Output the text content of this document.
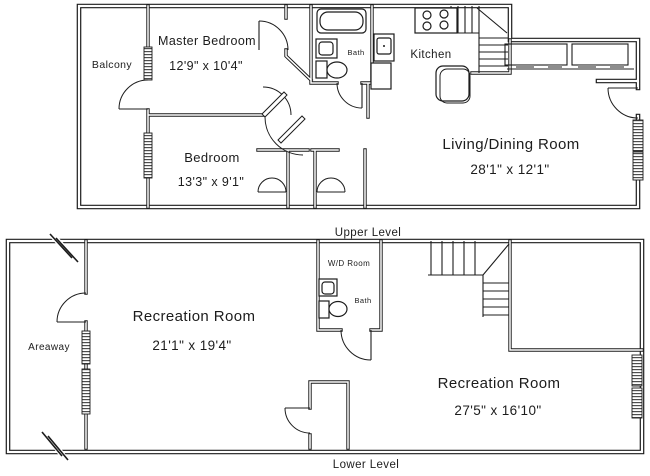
Balcony
Master Bedroom
12'9" x 10'4"
Bath	Kitchen
Living/Dining Room
28'1" x 12'1"
Bedroom
13'3" x 9'1"
Upper Level
Areaway
Recreation Room
21'1" x 19'4"
W/D Room
Bath
Recreation Room
27'5" x 16'10"
Lower Level
